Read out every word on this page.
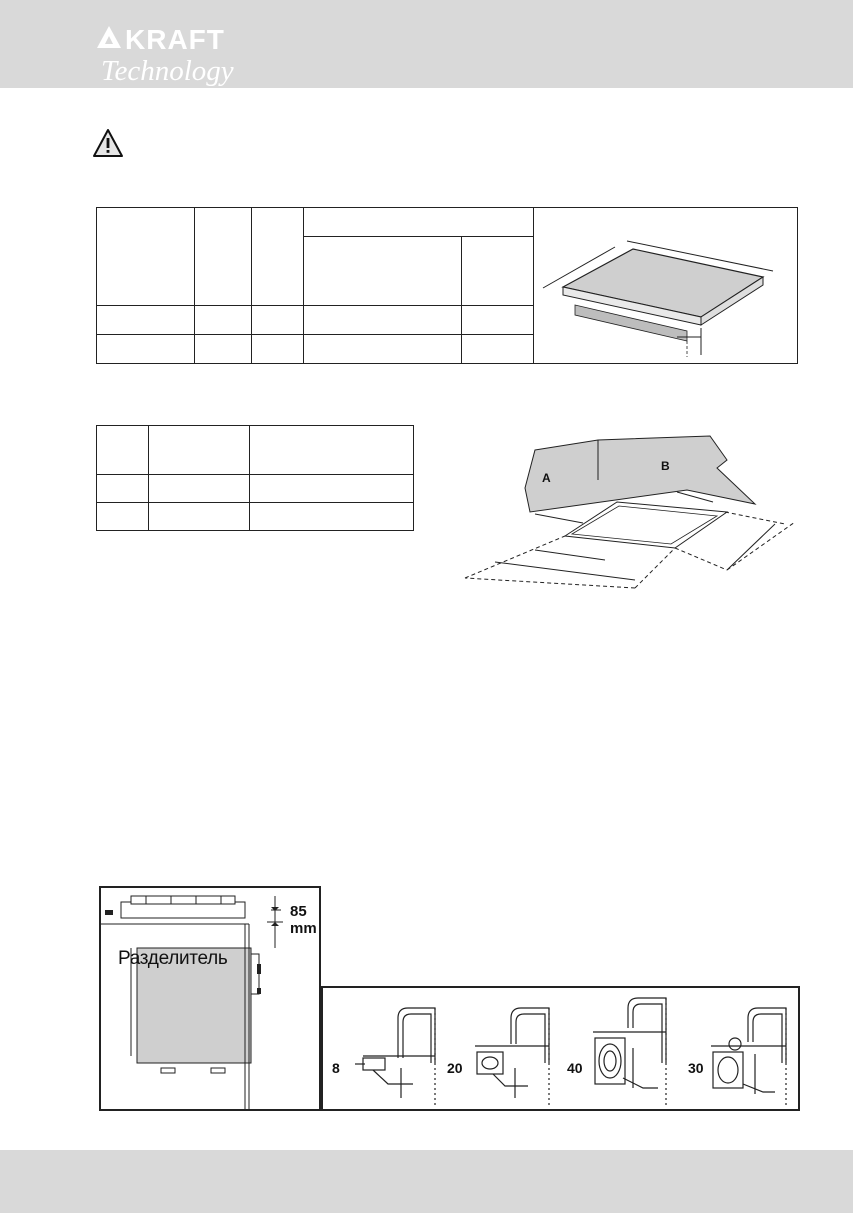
KRAFT
Technology

A
B
85
mm
Разделитель
8	20	40	30
